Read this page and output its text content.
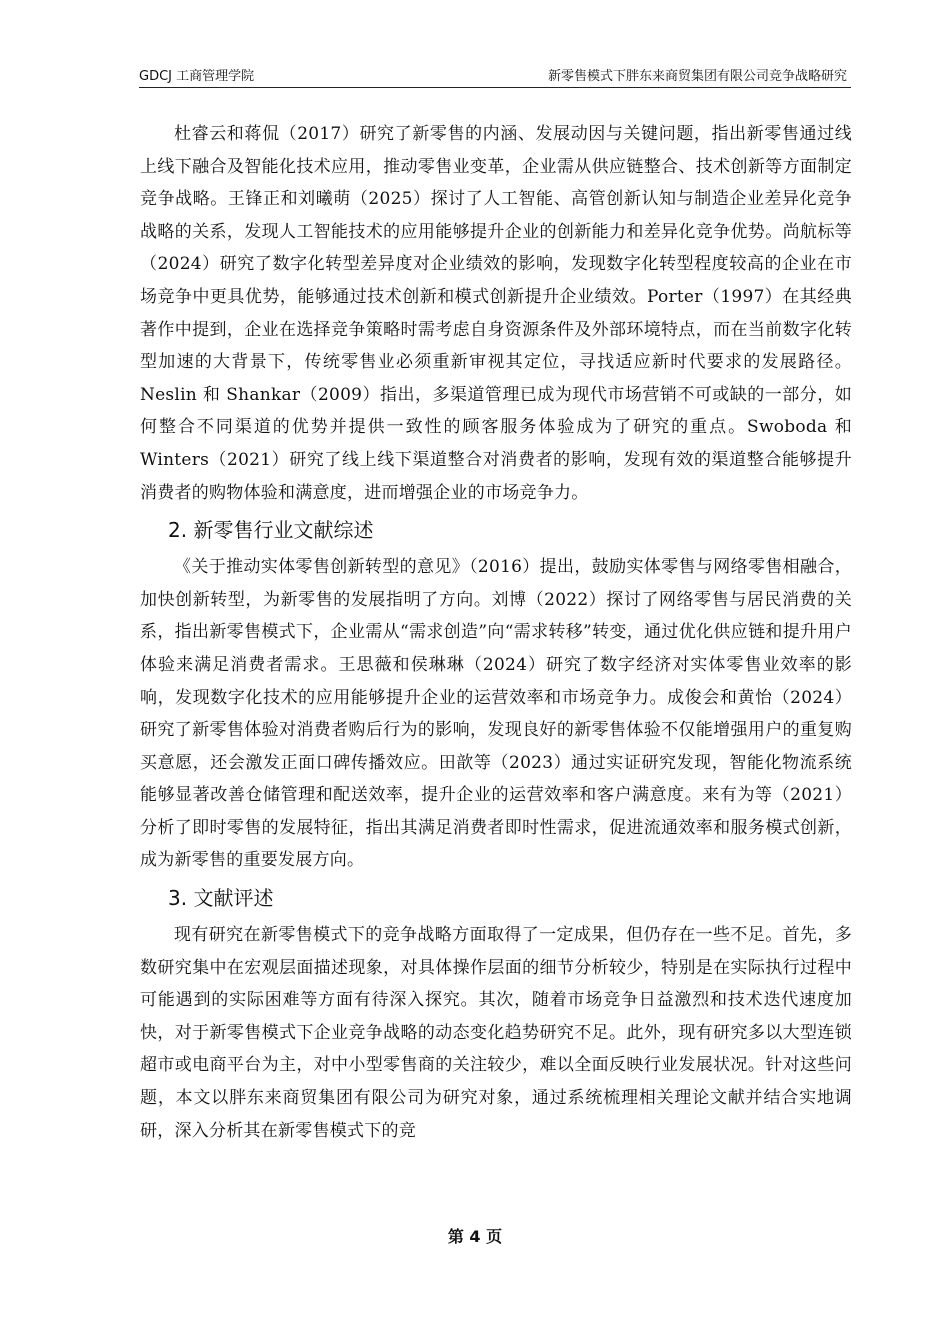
GDCJ 工商管理学院	新零售模式下胖东来商贸集团有限公司竞争战略研究

杜睿云和蒋侃（2017）研究了新零售的内涵、发展动因与关键问题，指出新零售通过线上线下融合及智能化技术应用，推动零售业变革，企业需从供应链整合、技术创新等方面制定竞争战略。王锋正和刘曦萌（2025）探讨了人工智能、高管创新认知与制造企业差异化竞争战略的关系，发现人工智能技术的应用能够提升企业的创新能力和差异化竞争优势。尚航标等（2024）研究了数字化转型差异度对企业绩效的影响，发现数字化转型程度较高的企业在市场竞争中更具优势，能够通过技术创新和模式创新提升企业绩效。Porter（1997）在其经典著作中提到，企业在选择竞争策略时需考虑自身资源条件及外部环境特点，而在当前数字化转型加速的大背景下，传统零售业必须重新审视其定位，寻找适应新时代要求的发展路径。Neslin 和 Shankar（2009）指出，多渠道管理已成为现代市场营销不可或缺的一部分，如何整合不同渠道的优势并提供一致性的顾客服务体验成为了研究的重点。Swoboda 和 Winters（2021）研究了线上线下渠道整合对消费者的影响，发现有效的渠道整合能够提升消费者的购物体验和满意度，进而增强企业的市场竞争力。

2. 新零售行业文献综述

《关于推动实体零售创新转型的意见》（2016）提出，鼓励实体零售与网络零售相融合，加快创新转型，为新零售的发展指明了方向。刘博（2022）探讨了网络零售与居民消费的关系，指出新零售模式下，企业需从“需求创造”向“需求转移”转变，通过优化供应链和提升用户体验来满足消费者需求。王思薇和侯琳琳（2024）研究了数字经济对实体零售业效率的影响，发现数字化技术的应用能够提升企业的运营效率和市场竞争力。成俊会和黄怡（2024）研究了新零售体验对消费者购后行为的影响，发现良好的新零售体验不仅能增强用户的重复购买意愿，还会激发正面口碑传播效应。田歆等（2023）通过实证研究发现，智能化物流系统能够显著改善仓储管理和配送效率，提升企业的运营效率和客户满意度。来有为等（2021）分析了即时零售的发展特征，指出其满足消费者即时性需求，促进流通效率和服务模式创新，成为新零售的重要发展方向。

3. 文献评述

现有研究在新零售模式下的竞争战略方面取得了一定成果，但仍存在一些不足。首先，多数研究集中在宏观层面描述现象，对具体操作层面的细节分析较少，特别是在实际执行过程中可能遇到的实际困难等方面有待深入探究。其次，随着市场竞争日益激烈和技术迭代速度加快，对于新零售模式下企业竞争战略的动态变化趋势研究不足。此外，现有研究多以大型连锁超市或电商平台为主，对中小型零售商的关注较少，难以全面反映行业发展状况。针对这些问题，本文以胖东来商贸集团有限公司为研究对象，通过系统梳理相关理论文献并结合实地调研，深入分析其在新零售模式下的竞

第 4 页
